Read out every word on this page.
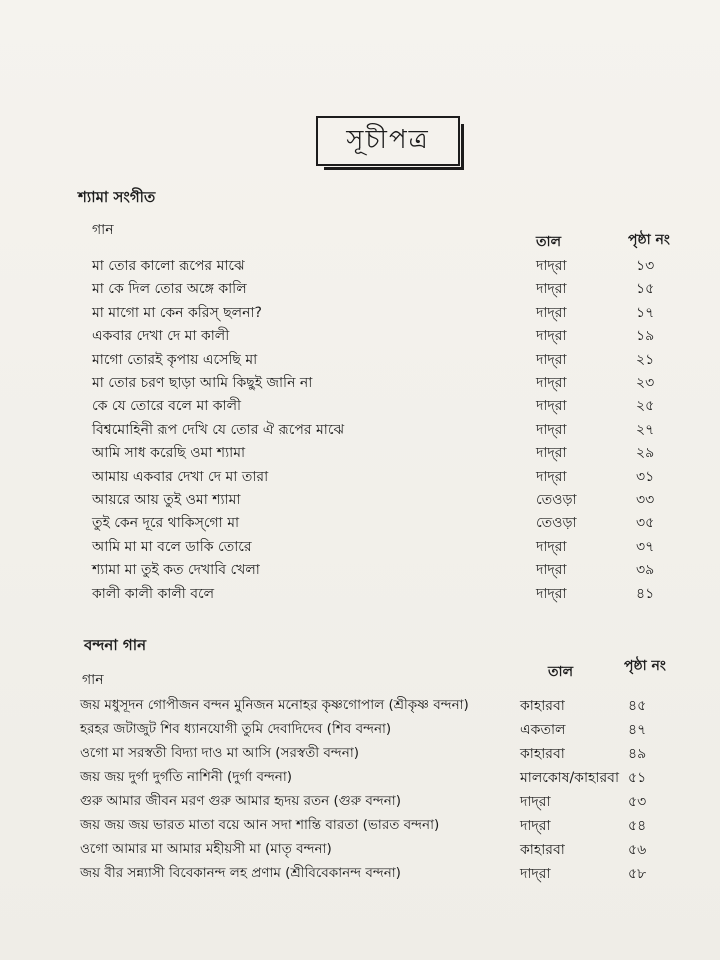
সূচীপত্র
শ্যামা সংগীত
গান
তাল	পৃষ্ঠা নং
মা তোর কালো রূপের মাঝে	দাদ্‌রা	১৩
মা কে দিল তোর অঙ্গে কালি	দাদ্‌রা	১৫
মা মাগো মা কেন করিস্‌ ছলনা?	দাদ্‌রা	১৭
একবার দেখা দে মা কালী	দাদ্‌রা	১৯
মাগো তোরই কৃপায় এসেছি মা	দাদ্‌রা	২১
মা তোর চরণ ছাড়া আমি কিছুই জানি না	দাদ্‌রা	২৩
কে যে তোরে বলে মা কালী	দাদ্‌রা	২৫
বিশ্বমোহিনী রূপ দেখি যে তোর ঐ রূপের মাঝে	দাদ্‌রা	২৭
আমি সাধ করেছি ওমা শ্যামা	দাদ্‌রা	২৯
আমায় একবার দেখা দে মা তারা	দাদ্‌রা	৩১
আয়রে আয় তুই ওমা শ্যামা	তেওড়া	৩৩
তুই কেন দূরে থাকিস্‌গো মা	তেওড়া	৩৫
আমি মা মা বলে ডাকি তোরে	দাদ্‌রা	৩৭
শ্যামা মা তুই কত দেখাবি খেলা	দাদ্‌রা	৩৯
কালী কালী কালী বলে	দাদ্‌রা	৪১
বন্দনা গান
গান	তাল	পৃষ্ঠা নং
জয় মধুসূদন গোপীজন বন্দন মুনিজন মনোহর কৃষ্ণগোপাল (শ্রীকৃষ্ণ বন্দনা)	কাহারবা	৪৫
হরহর জটাজুট শিব ধ্যানযোগী তুমি দেবাদিদেব (শিব বন্দনা)	একতাল	৪৭
ওগো মা সরস্বতী বিদ্যা দাও মা আসি (সরস্বতী বন্দনা)	কাহারবা	৪৯
জয় জয় দুর্গা দুর্গতি নাশিনী (দুর্গা বন্দনা)	মালকোষ/কাহারবা ৫১
গুরু আমার জীবন মরণ গুরু আমার হৃদয় রতন (গুরু বন্দনা)	দাদ্‌রা	৫৩
জয় জয় জয় ভারত মাতা বয়ে আন সদা শান্তি বারতা (ভারত বন্দনা)	দাদ্‌রা	৫৪
ওগো আমার মা আমার মহীয়সী মা (মাতৃ বন্দনা)	কাহারবা	৫৬
জয় বীর সন্ন্যাসী বিবেকানন্দ লহ প্রণাম (শ্রীবিবেকানন্দ বন্দনা)	দাদ্‌রা	৫৮
